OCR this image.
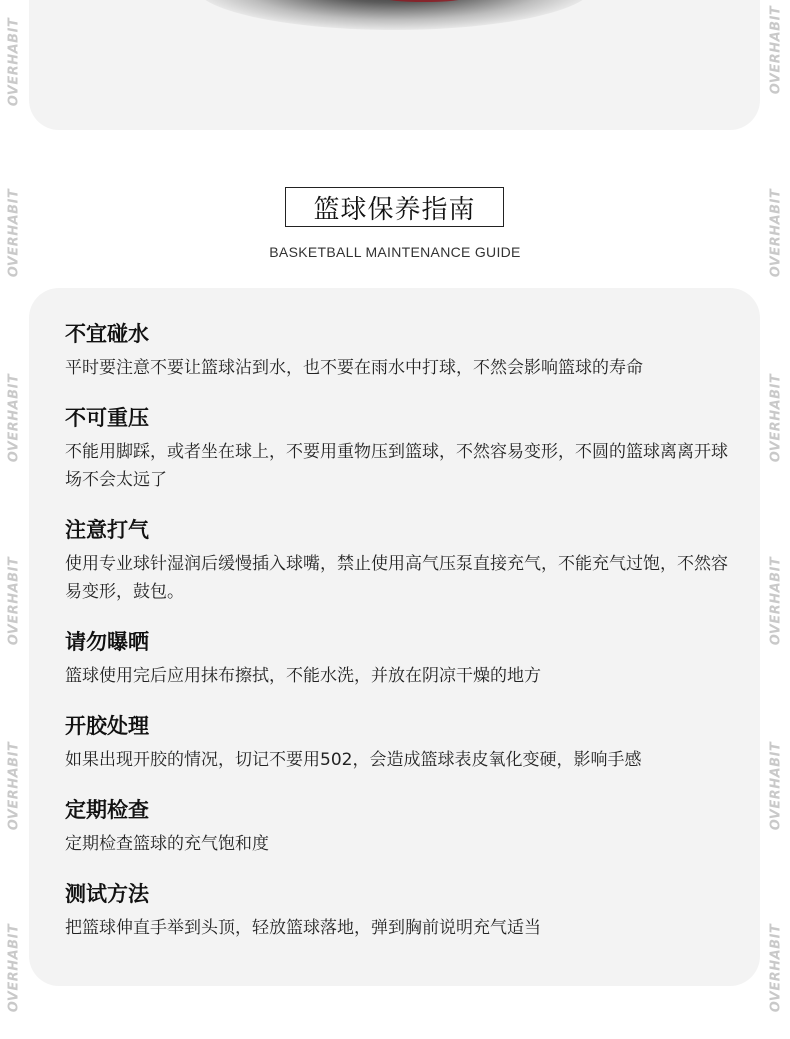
OVERHABIT
OVERHABIT
OVERHABIT
OVERHABIT
OVERHABIT
OVERHABIT
OVERHABIT
OVERHABIT
OVERHABIT
OVERHABIT
OVERHABIT
OVERHABIT
篮球保养指南
BASKETBALL MAINTENANCE GUIDE
不宜碰水

平时要注意不要让篮球沾到水，也不要在雨水中打球，不然会影响篮球的寿命

不可重压

不能用脚踩，或者坐在球上，不要用重物压到篮球，不然容易变形，不圆的篮球离离开球场不会太远了

注意打气

使用专业球针湿润后缓慢插入球嘴，禁止使用高气压泵直接充气，不能充气过饱，不然容易变形，鼓包。

请勿曝晒

篮球使用完后应用抹布擦拭，不能水洗，并放在阴凉干燥的地方

开胶处理

如果出现开胶的情况，切记不要用502，会造成篮球表皮氧化变硬，影响手感

定期检查

定期检查篮球的充气饱和度

测试方法

把篮球伸直手举到头顶，轻放篮球落地，弹到胸前说明充气适当
